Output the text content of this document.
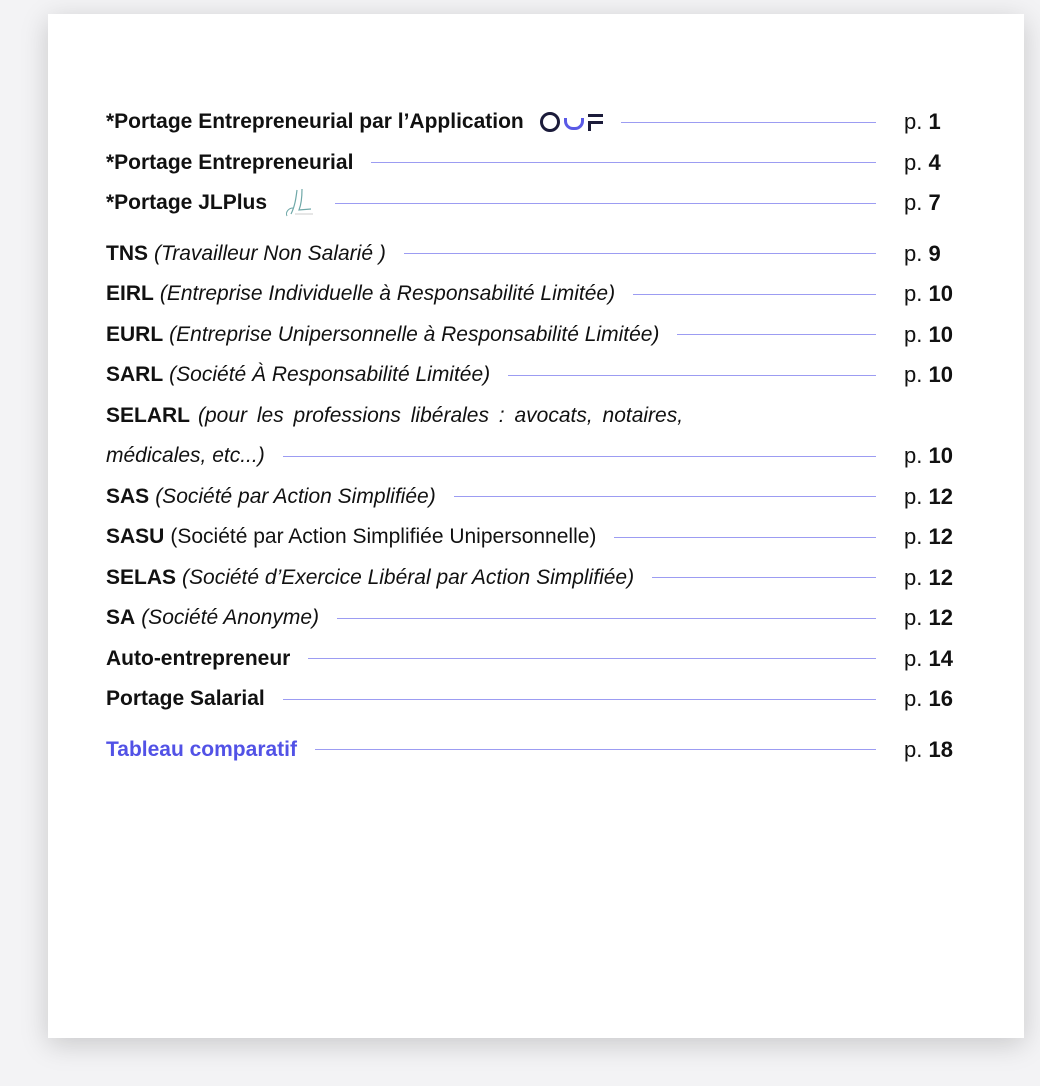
*Portage Entrepreneurial par l’Application	p. 1
*Portage Entrepreneurial	p. 4
*Portage JLPlus	p. 7
TNS (Travailleur Non Salarié )	p. 9
EIRL (Entreprise Individuelle à Responsabilité Limitée)	p. 10
EURL (Entreprise Unipersonnelle à Responsabilité Limitée)	p. 10
SARL (Société À Responsabilité Limitée)	p. 10
SELARL (pour les professions libérales : avocats, notaires,
médicales, etc...)	p. 10
SAS (Société par Action Simplifiée)	p. 12
SASU (Société par Action Simplifiée Unipersonnelle)	p. 12
SELAS (Société d’Exercice Libéral par Action Simplifiée)	p. 12
SA (Société Anonyme)	p. 12
Auto-entrepreneur	p. 14
Portage Salarial	p. 16
Tableau comparatif	p. 18
